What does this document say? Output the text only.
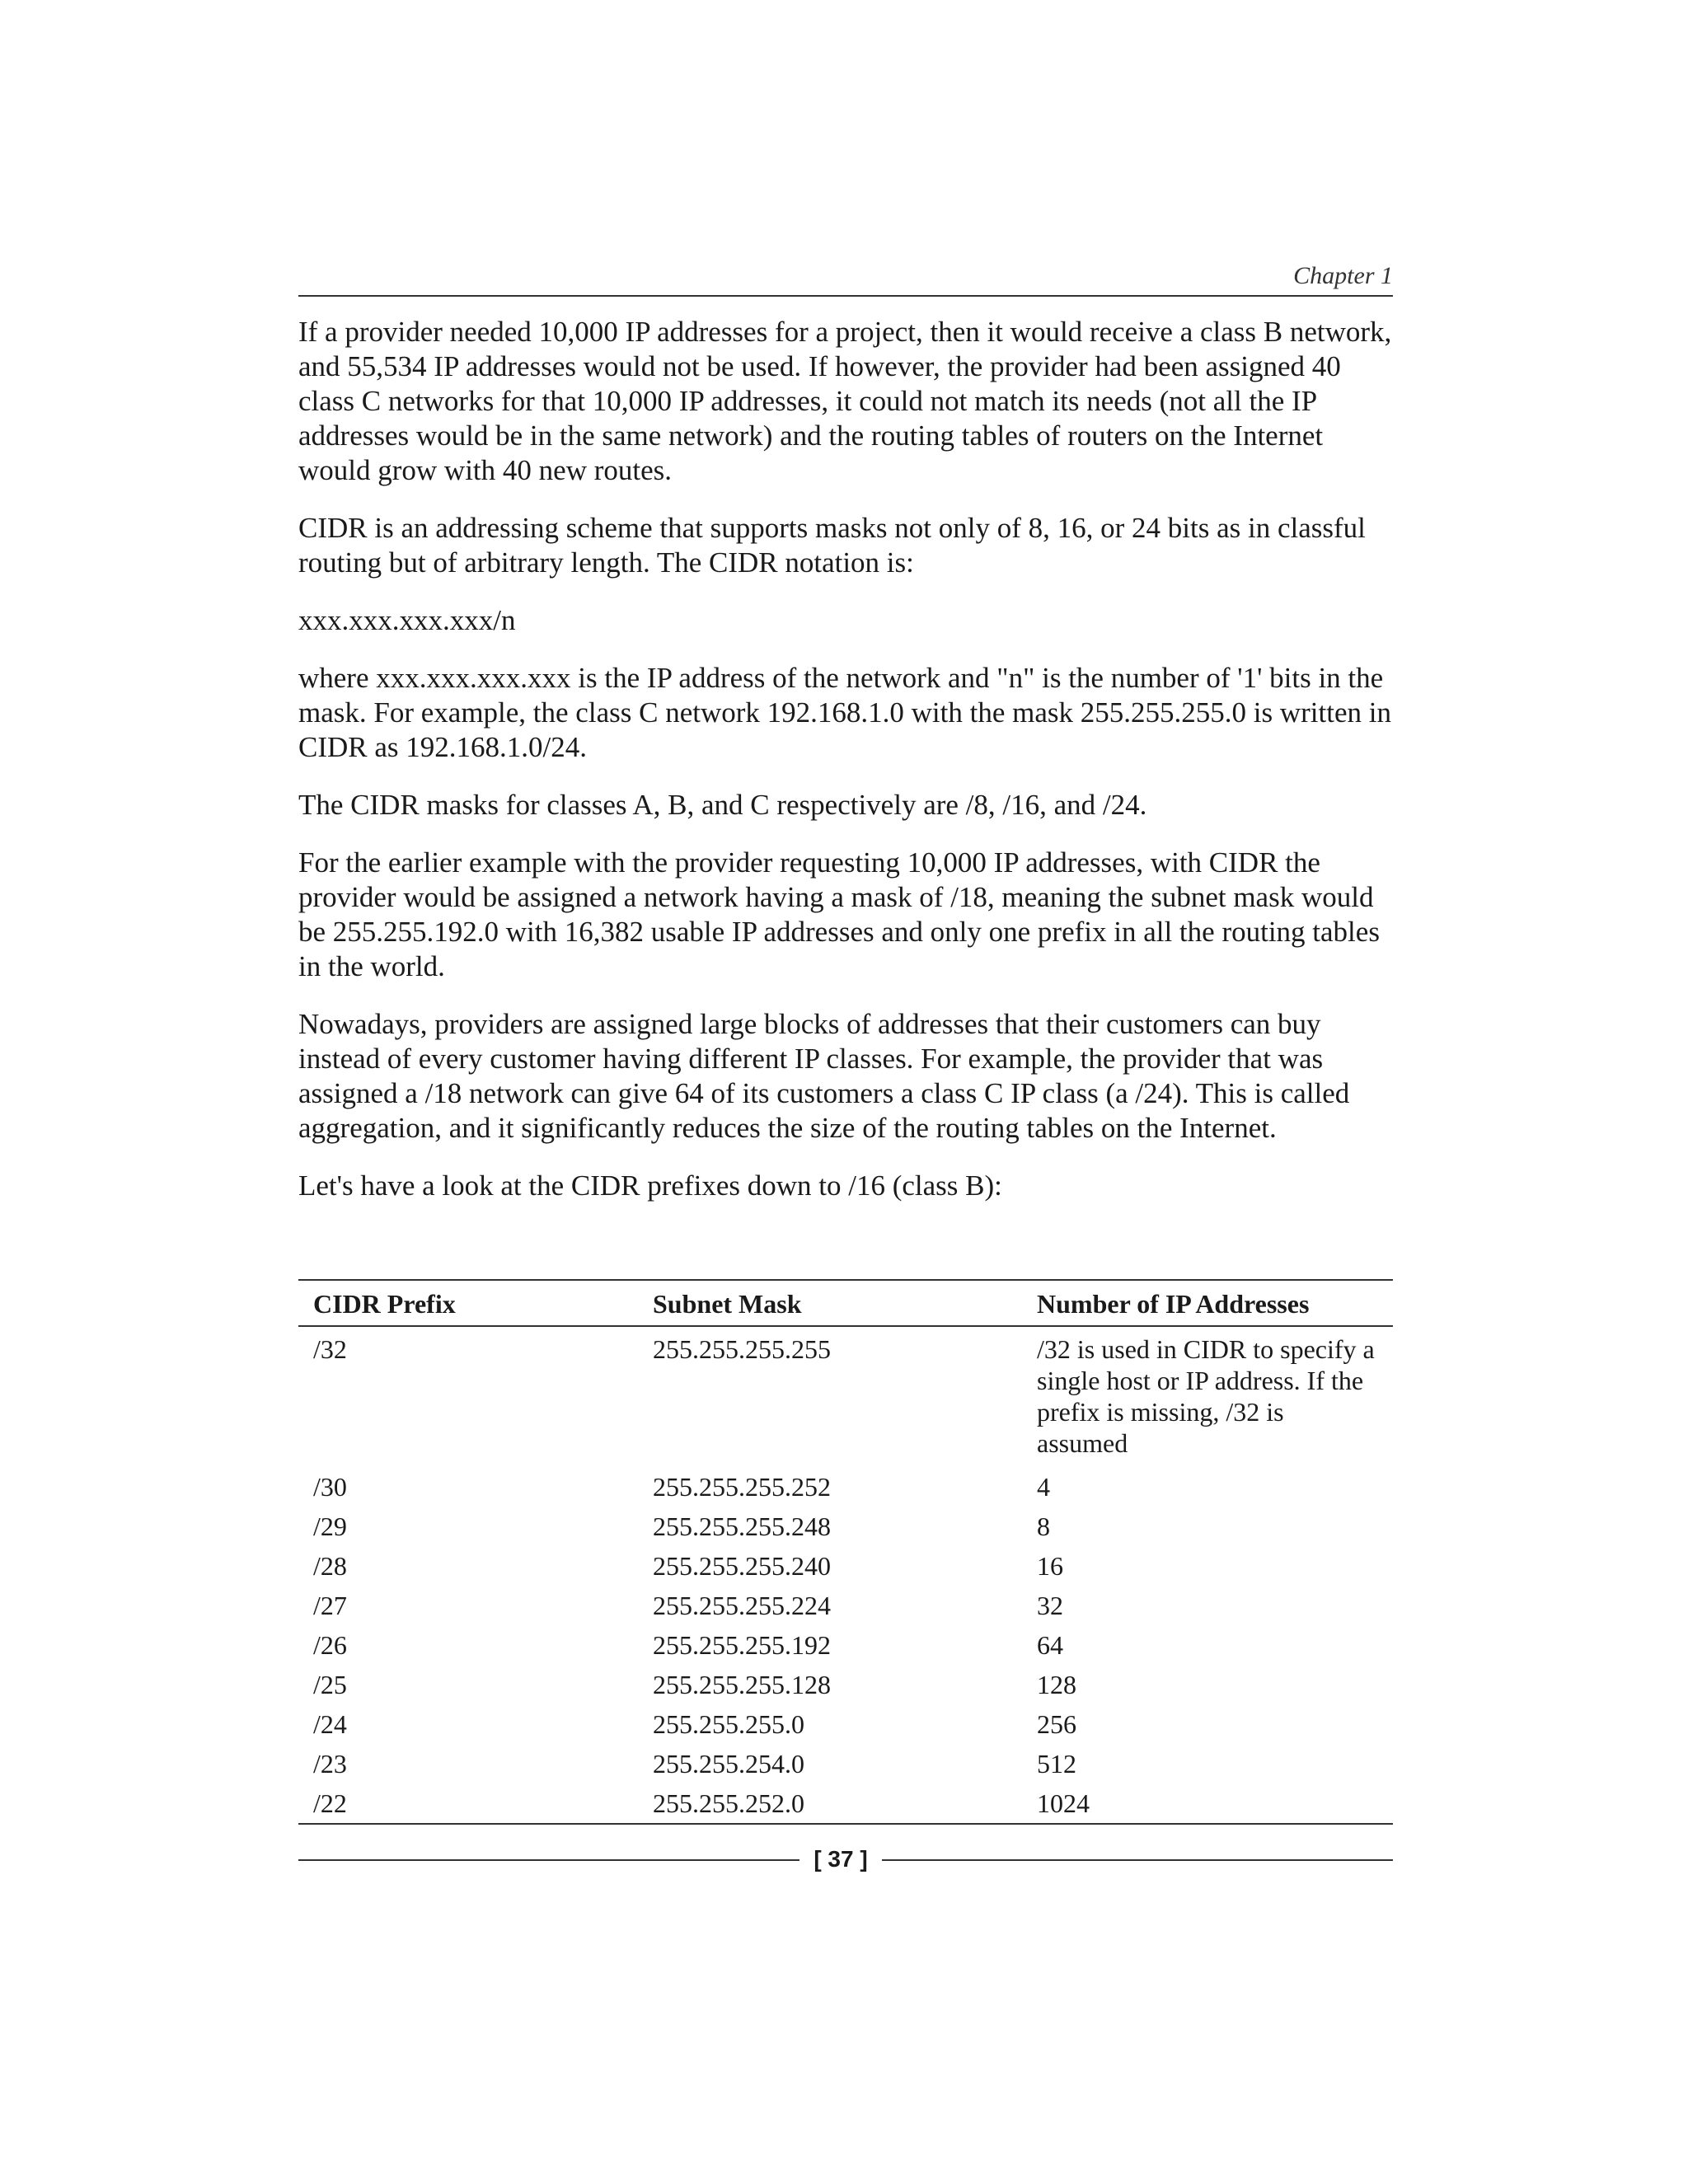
Chapter 1

If a provider needed 10,000 IP addresses for a project, then it would receive a class B network, and 55,534 IP addresses would not be used. If however, the provider had been assigned 40 class C networks for that 10,000 IP addresses, it could not match its needs (not all the IP addresses would be in the same network) and the routing tables of routers on the Internet would grow with 40 new routes.

CIDR is an addressing scheme that supports masks not only of 8, 16, or 24 bits as in classful routing but of arbitrary length. The CIDR notation is:

xxx.xxx.xxx.xxx/n

where xxx.xxx.xxx.xxx is the IP address of the network and "n" is the number of '1' bits in the mask. For example, the class C network 192.168.1.0 with the mask 255.255.255.0 is written in CIDR as 192.168.1.0/24.

The CIDR masks for classes A, B, and C respectively are /8, /16, and /24.

For the earlier example with the provider requesting 10,000 IP addresses, with CIDR the provider would be assigned a network having a mask of /18, meaning the subnet mask would be 255.255.192.0 with 16,382 usable IP addresses and only one prefix in all the routing tables in the world.

Nowadays, providers are assigned large blocks of addresses that their customers can buy instead of every customer having different IP classes. For example, the provider that was assigned a /18 network can give 64 of its customers a class C IP class (a /24). This is called aggregation, and it significantly reduces the size of the routing tables on the Internet.

Let's have a look at the CIDR prefixes down to /16 (class B):

CIDR Prefix	Subnet Mask	Number of IP Addresses
/32	255.255.255.255	/32 is used in CIDR to specify a single host or IP address. If the prefix is missing, /32 is assumed
/30	255.255.255.252	4
/29	255.255.255.248	8
/28	255.255.255.240	16
/27	255.255.255.224	32
/26	255.255.255.192	64
/25	255.255.255.128	128
/24	255.255.255.0	256
/23	255.255.254.0	512
/22	255.255.252.0	1024
[ 37 ]
